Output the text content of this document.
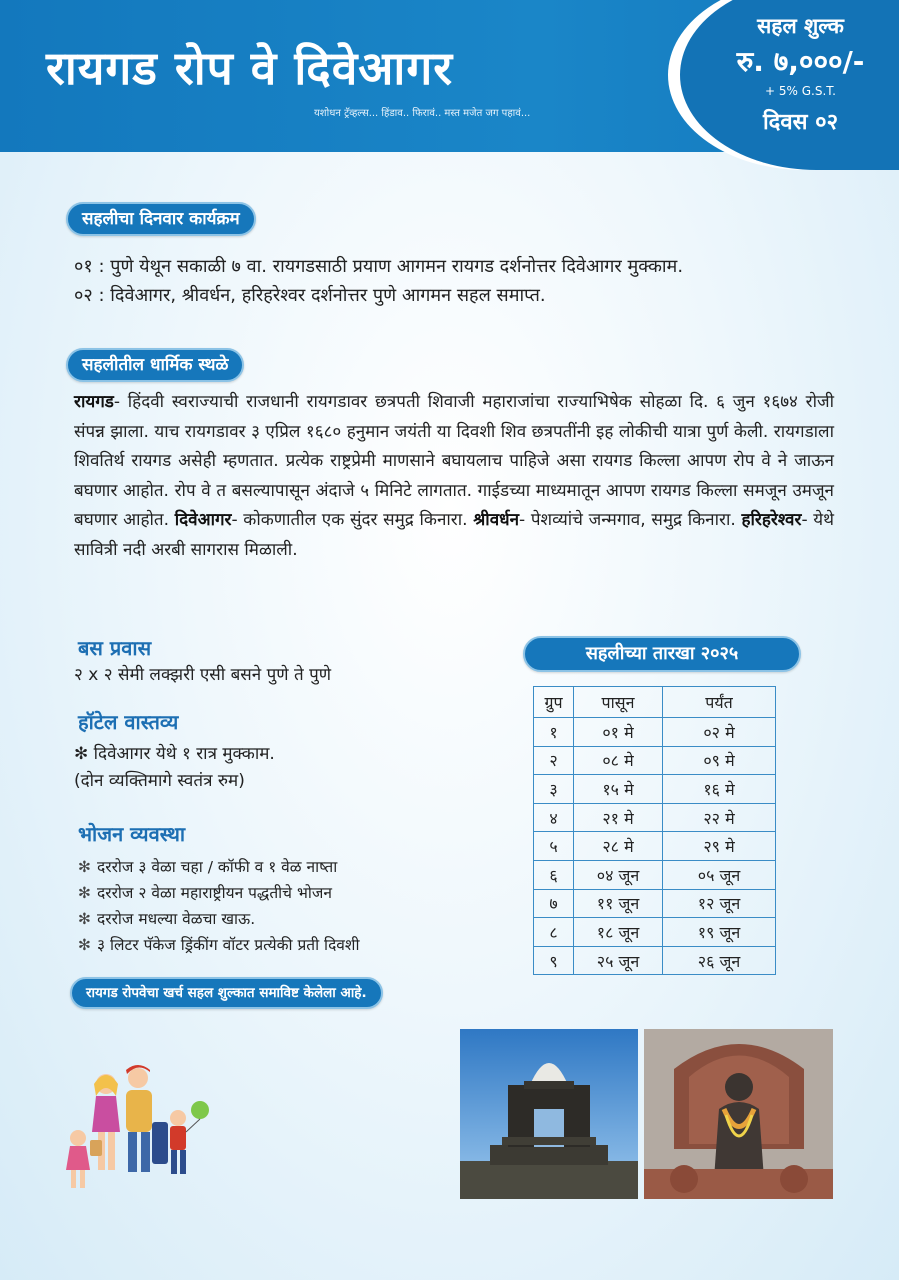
रायगड रोप वे दिवेआगर
यशोधन ट्रॅव्हल्स... हिंडाव.. फिरावं.. मस्त मजेत जग पहावं...
सहल शुल्क
रु. ७,०००/-
+ 5% G.S.T.
दिवस ०२
सहलीचा दिनवार कार्यक्रम
०१ : पुणे येथून सकाळी ७ वा. रायगडसाठी प्रयाण आगमन रायगड दर्शनोत्तर दिवेआगर मुक्काम.
०२ : दिवेआगर, श्रीवर्धन, हरिहरेश्वर दर्शनोत्तर पुणे आगमन सहल समाप्त.
सहलीतील धार्मिक स्थळे
रायगड- हिंदवी स्वराज्याची राजधानी रायगडावर छत्रपती शिवाजी महाराजांचा राज्याभिषेक सोहळा दि. ६ जुन १६७४ रोजी संपन्न झाला. याच रायगडावर ३ एप्रिल १६८० हनुमान जयंती या दिवशी शिव छत्रपतींनी इह लोकीची यात्रा पुर्ण केली. रायगडाला शिवतिर्थ रायगड असेही म्हणतात. प्रत्येक राष्ट्रप्रेमी माणसाने बघायलाच पाहिजे असा रायगड किल्ला आपण रोप वे ने जाऊन बघणार आहोत. रोप वे त बसल्यापासून अंदाजे ५ मिनिटे लागतात. गाईडच्या माध्यमातून आपण रायगड किल्ला समजून उमजून बघणार आहोत. दिवेआगर- कोकणातील एक सुंदर समुद्र किनारा. श्रीवर्धन- पेशव्यांचे जन्मगाव, समुद्र किनारा. हरिहरेश्वर- येथे सावित्री नदी अरबी सागरास मिळाली.
बस प्रवास
२ x २ सेमी लक्झरी एसी बसने पुणे ते पुणे
हॉटेल वास्तव्य
✻ दिवेआगर येथे १ रात्र मुक्काम.
(दोन व्यक्तिमागे स्वतंत्र रुम)
भोजन व्यवस्था
✻ दररोज ३ वेळा चहा / कॉफी व १ वेळ नाष्ता
✻ दररोज २ वेळा महाराष्ट्रीयन पद्धतीचे भोजन
✻ दररोज मधल्या वेळचा खाऊ.
✻ ३ लिटर पॅकेज ड्रिंकींग वॉटर प्रत्येकी प्रती दिवशी
रायगड रोपवेचा खर्च सहल शुल्कात समाविष्ट केलेला आहे.
सहलीच्या तारखा २०२५
ग्रुप	पासून	पर्यंत
१	०१ मे	०२ मे
२	०८ मे	०९ मे
३	१५ मे	१६ मे
४	२१ मे	२२ मे
५	२८ मे	२९ मे
६	०४ जून	०५ जून
७	११ जून	१२ जून
८	१८ जून	१९ जून
९	२५ जून	२६ जून
